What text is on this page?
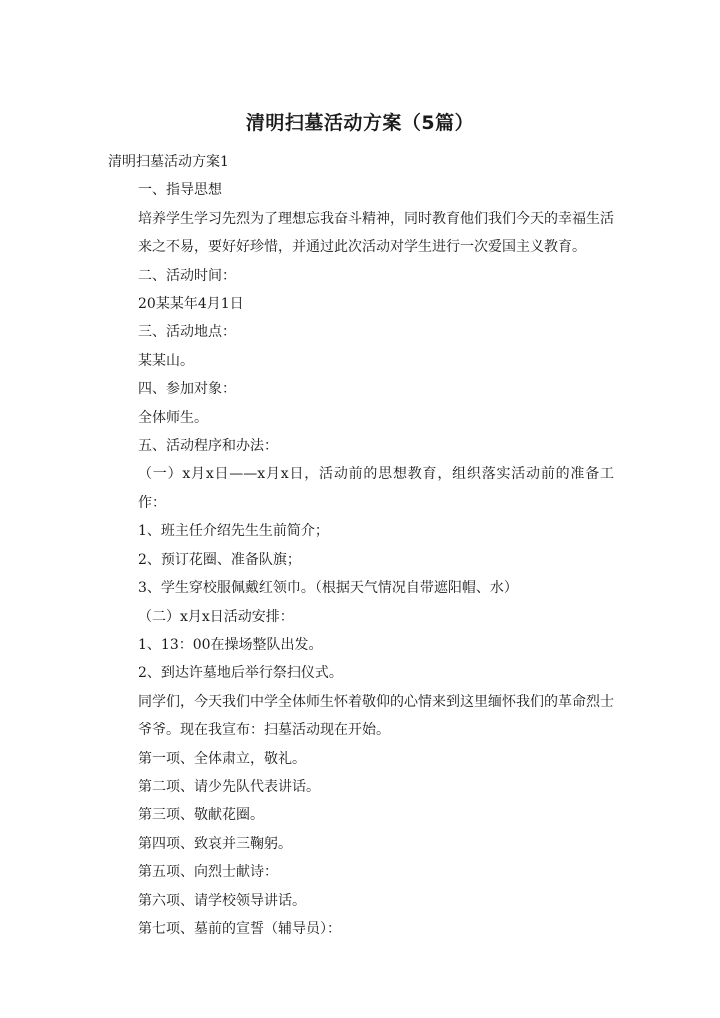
清明扫墓活动方案（5篇）

清明扫墓活动方案1

一、指导思想

培养学生学习先烈为了理想忘我奋斗精神，同时教育他们我们今天的幸福生活来之不易，要好好珍惜，并通过此次活动对学生进行一次爱国主义教育。

二、活动时间：

20某某年4月1日

三、活动地点：

某某山。

四、参加对象：

全体师生。

五、活动程序和办法：

（一）x月x日——x月x日，活动前的思想教育，组织落实活动前的准备工作：

1、班主任介绍先生生前简介；

2、预订花圈、准备队旗；

3、学生穿校服佩戴红领巾。（根据天气情况自带遮阳帽、水）

（二）x月x日活动安排：

1、13：00在操场整队出发。

2、到达许墓地后举行祭扫仪式。

同学们，今天我们中学全体师生怀着敬仰的心情来到这里缅怀我们的革命烈士爷爷。现在我宣布：扫墓活动现在开始。

第一项、全体肃立，敬礼。

第二项、请少先队代表讲话。

第三项、敬献花圈。

第四项、致哀并三鞠躬。

第五项、向烈士献诗：

第六项、请学校领导讲话。

第七项、墓前的宣誓（辅导员）：
